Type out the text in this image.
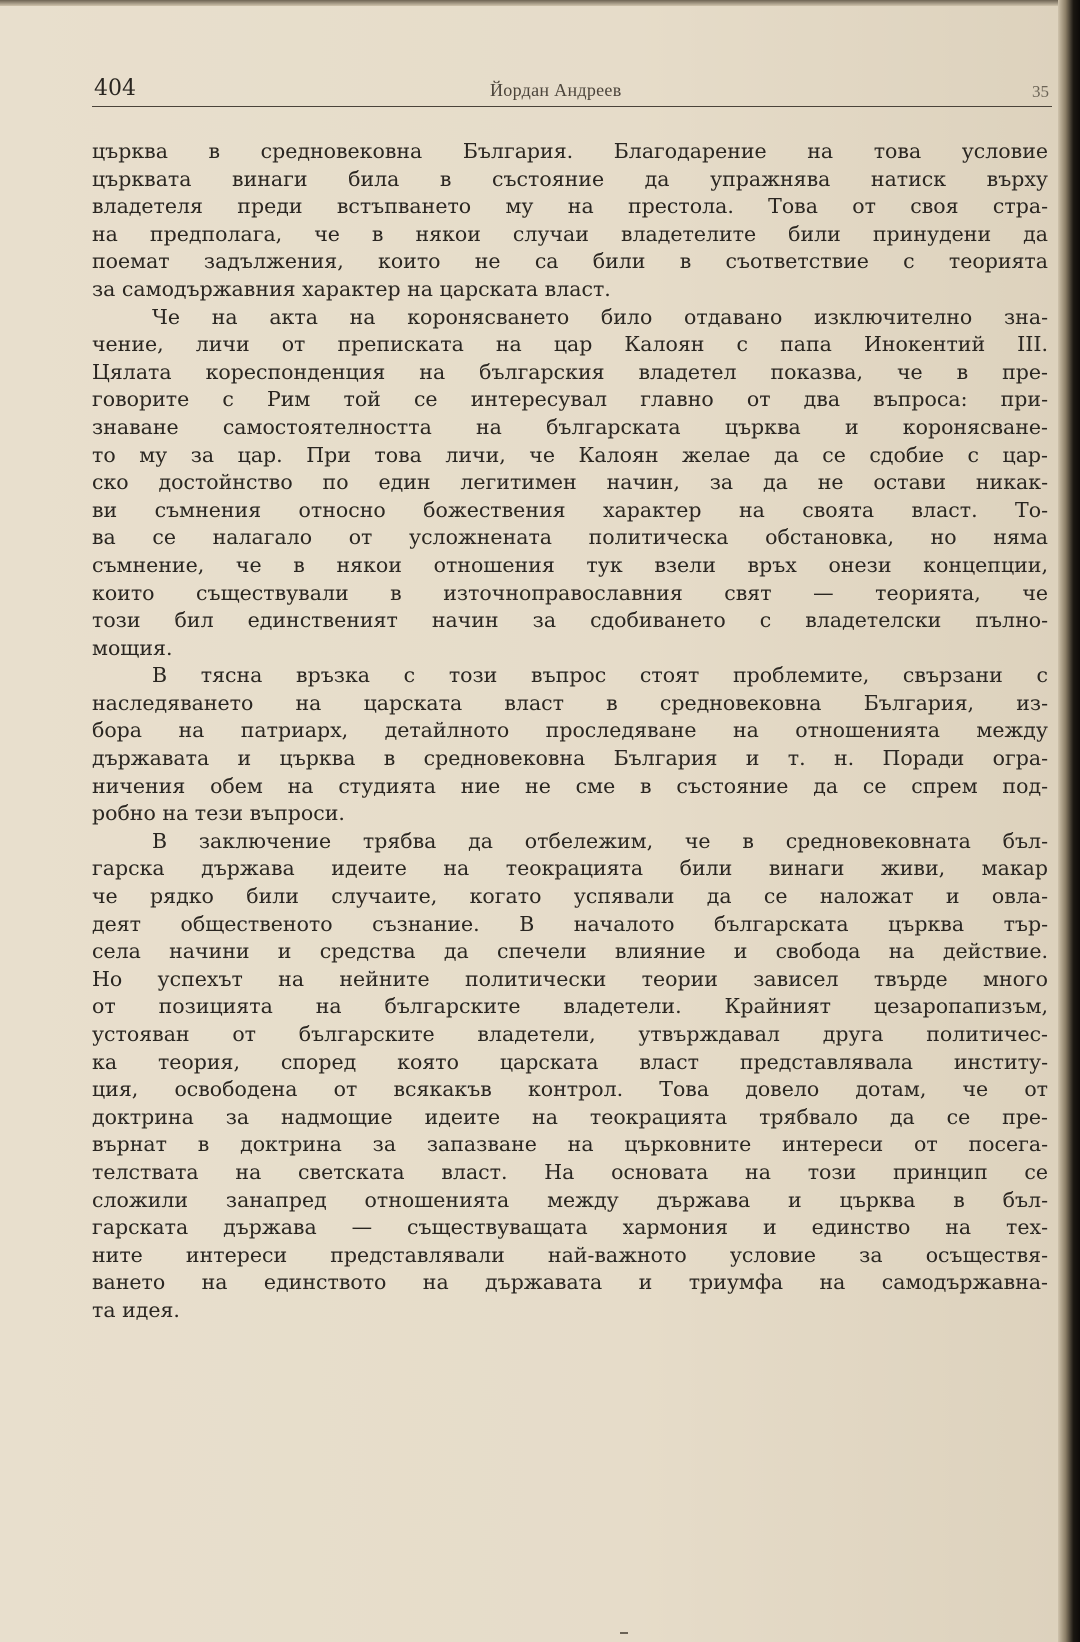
404	Йордан Андреев	35
църква в средновековна България. Благодарение на това условие
църквата винаги била в състояние да упражнява натиск върху
владетеля преди встъпването му на престола. Това от своя стра-
на предполага, че в някои случаи владетелите били принудени да
поемат задължения, които не са били в съответствие с теорията
за самодържавния характер на царската власт.
Че на акта на коронясването било отдавано изключително зна-
чение, личи от преписката на цар Калоян с папа Инокентий III.
Цялата кореспонденция на българския владетел показва, че в пре-
говорите с Рим той се интересувал главно от два въпроса: при-
знаване самостоятелността на българската църква и коронясване-
то му за цар. При това личи, че Калоян желае да се сдобие с цар-
ско достойнство по един легитимен начин, за да не остави никак-
ви съмнения относно божествения характер на своята власт. То-
ва се налагало от усложнената политическа обстановка, но няма
съмнение, че в някои отношения тук взели връх онези концепции,
които съществували в източноправославния свят — теорията, че
този бил единственият начин за сдобиването с владетелски пълно-
мощия.
В тясна връзка с този въпрос стоят проблемите, свързани с
наследяването на царската власт в средновековна България, из-
бора на патриарх, детайлното проследяване на отношенията между
държавата и църква в средновековна България и т. н. Поради огра-
ничения обем на студията ние не сме в състояние да се спрем под-
робно на тези въпроси.
В заключение трябва да отбележим, че в средновековната бъл-
гарска държава идеите на теокрацията били винаги живи, макар
че рядко били случаите, когато успявали да се наложат и овла-
деят общественото съзнание. В началото българската църква тър-
села начини и средства да спечели влияние и свобода на действие.
Но успехът на нейните политически теории зависел твърде много
от позицията на българските владетели. Крайният цезаропапизъм,
устояван от българските владетели, утвърждавал друга политичес-
ка теория, според която царската власт представлявала институ-
ция, освободена от всякакъв контрол. Това довело дотам, че от
доктрина за надмощие идеите на теокрацията трябвало да се пре-
върнат в доктрина за запазване на църковните интереси от посега-
телствата на светската власт. На основата на този принцип се
сложили занапред отношенията между държава и църква в бъл-
гарската държава — съществуващата хармония и единство на тех-
ните интереси представлявали най-важното условие за осъществя-
ването на единството на държавата и триумфа на самодържавна-
та идея.
